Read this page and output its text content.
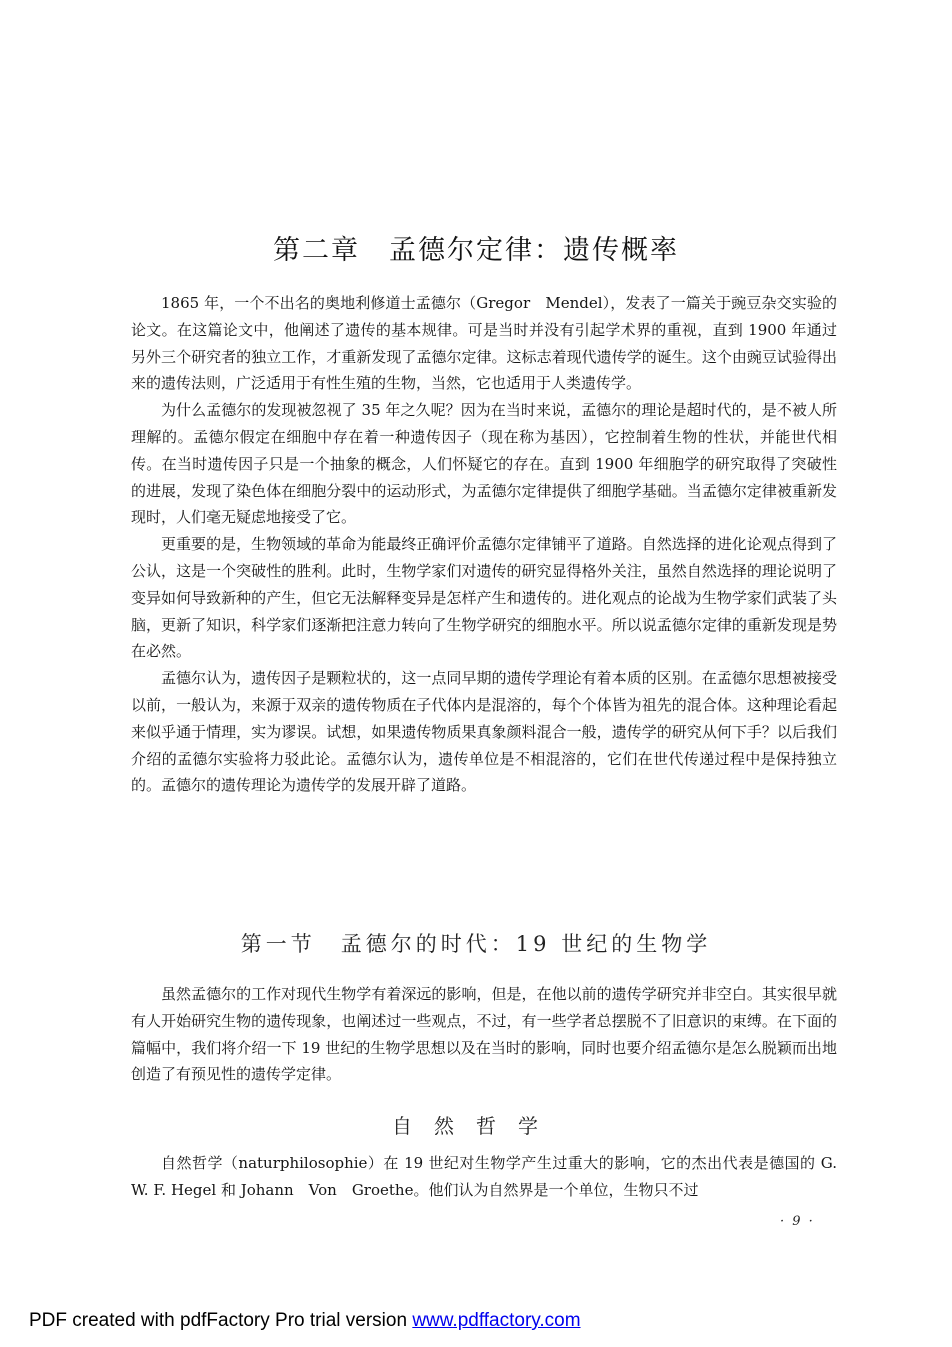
第二章　孟德尔定律：遗传概率

1865 年，一个不出名的奥地利修道士孟德尔（Gregor　Mendel），发表了一篇关于豌豆杂交实验的论文。在这篇论文中，他阐述了遗传的基本规律。可是当时并没有引起学术界的重视，直到 1900 年通过另外三个研究者的独立工作，才重新发现了孟德尔定律。这标志着现代遗传学的诞生。这个由豌豆试验得出来的遗传法则，广泛适用于有性生殖的生物，当然，它也适用于人类遗传学。

为什么孟德尔的发现被忽视了 35 年之久呢？因为在当时来说，孟德尔的理论是超时代的，是不被人所理解的。孟德尔假定在细胞中存在着一种遗传因子（现在称为基因），它控制着生物的性状，并能世代相传。在当时遗传因子只是一个抽象的概念，人们怀疑它的存在。直到 1900 年细胞学的研究取得了突破性的进展，发现了染色体在细胞分裂中的运动形式，为孟德尔定律提供了细胞学基础。当孟德尔定律被重新发现时，人们毫无疑虑地接受了它。

更重要的是，生物领域的革命为能最终正确评价孟德尔定律铺平了道路。自然选择的进化论观点得到了公认，这是一个突破性的胜利。此时，生物学家们对遗传的研究显得格外关注，虽然自然选择的理论说明了变异如何导致新种的产生，但它无法解释变异是怎样产生和遗传的。进化观点的论战为生物学家们武装了头脑，更新了知识，科学家们逐渐把注意力转向了生物学研究的细胞水平。所以说孟德尔定律的重新发现是势在必然。

孟德尔认为，遗传因子是颗粒状的，这一点同早期的遗传学理论有着本质的区别。在孟德尔思想被接受以前，一般认为，来源于双亲的遗传物质在子代体内是混溶的，每个个体皆为祖先的混合体。这种理论看起来似乎通于情理，实为谬误。试想，如果遗传物质果真象颜料混合一般，遗传学的研究从何下手？以后我们介绍的孟德尔实验将力驳此论。孟德尔认为，遗传单位是不相混溶的，它们在世代传递过程中是保持独立的。孟德尔的遗传理论为遗传学的发展开辟了道路。

第一节　孟德尔的时代：19 世纪的生物学

虽然孟德尔的工作对现代生物学有着深远的影响，但是，在他以前的遗传学研究并非空白。其实很早就有人开始研究生物的遗传现象，也阐述过一些观点，不过，有一些学者总摆脱不了旧意识的束缚。在下面的篇幅中，我们将介绍一下 19 世纪的生物学思想以及在当时的影响，同时也要介绍孟德尔是怎么脱颖而出地创造了有预见性的遗传学定律。

自然哲学

自然哲学（naturphilosophie）在 19 世纪对生物学产生过重大的影响，它的杰出代表是德国的 G. W. F. Hegel 和 Johann　Von　Groethe。他们认为自然界是一个单位，生物只不过

· 9 ·
PDF created with pdfFactory Pro trial version www.pdffactory.com
